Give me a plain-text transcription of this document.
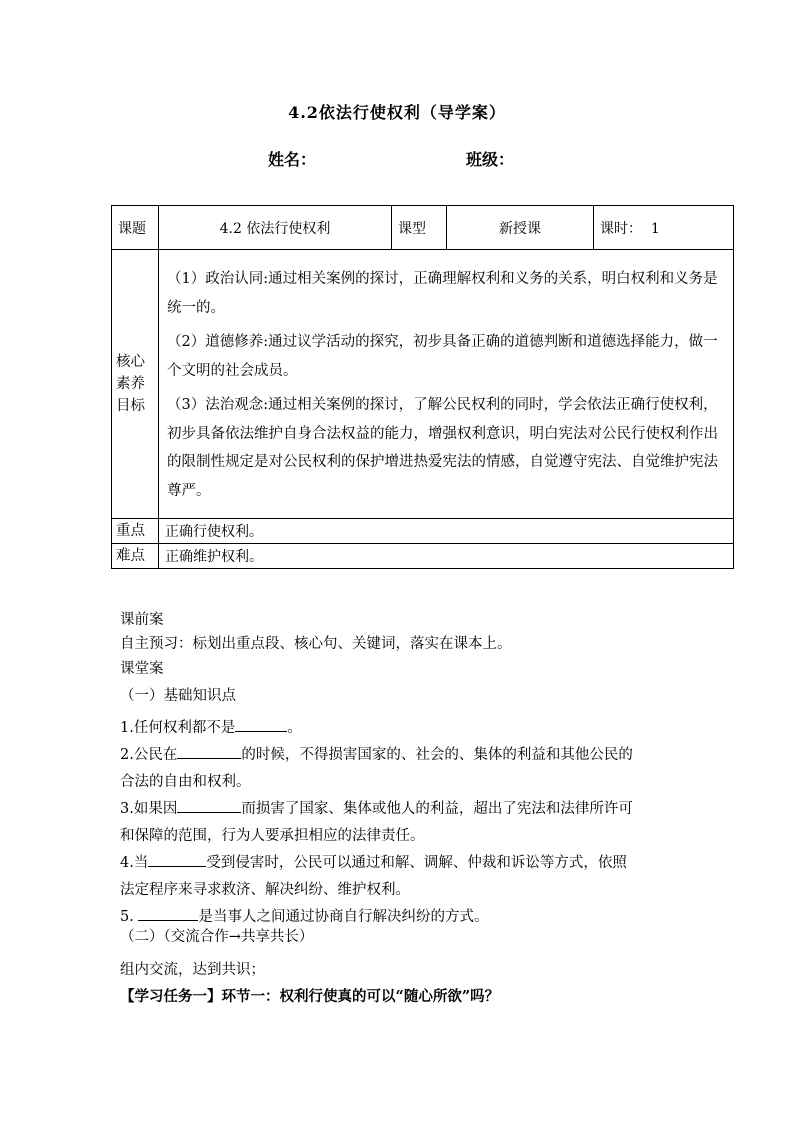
4.2依法行使权利（导学案）
姓名：	班级：
课题	4.2 依法行使权利	课型	新授课	课时： 1

核心素养目标	（1）政治认同:通过相关案例的探讨，正确理解权利和义务的关系，明白权利和义务是统一的。

（2）道德修养:通过议学活动的探究，初步具备正确的道德判断和道德选择能力，做一个文明的社会成员。

（3）法治观念:通过相关案例的探讨，了解公民权利的同时，学会依法正确行使权利，初步具备依法维护自身合法权益的能力，增强权利意识，明白宪法对公民行使权利作出的限制性规定是对公民权利的保护增进热爱宪法的情感，自觉遵守宪法、自觉维护宪法尊严。			

重点	正确行使权利。			
难点	正确维护权利。			
课前案
自主预习：标划出重点段、核心句、关键词，落实在课本上。
课堂案
（一）基础知识点
1.任何权利都不是	。
2.公民在	的时候，不得损害国家的、社会的、集体的利益和其他公民的
合法的自由和权利。
3.如果因	而损害了国家、集体或他人的利益，超出了宪法和法律所许可
和保障的范围，行为人要承担相应的法律责任。
4.当	受到侵害时，公民可以通过和解、调解、仲裁和诉讼等方式，依照
法定程序来寻求救济、解决纠纷、维护权利。
5.	是当事人之间通过协商自行解决纠纷的方式。
（二）（交流合作→共享共长）
组内交流，达到共识；
【学习任务一】环节一：权利行使真的可以“随心所欲”吗？
